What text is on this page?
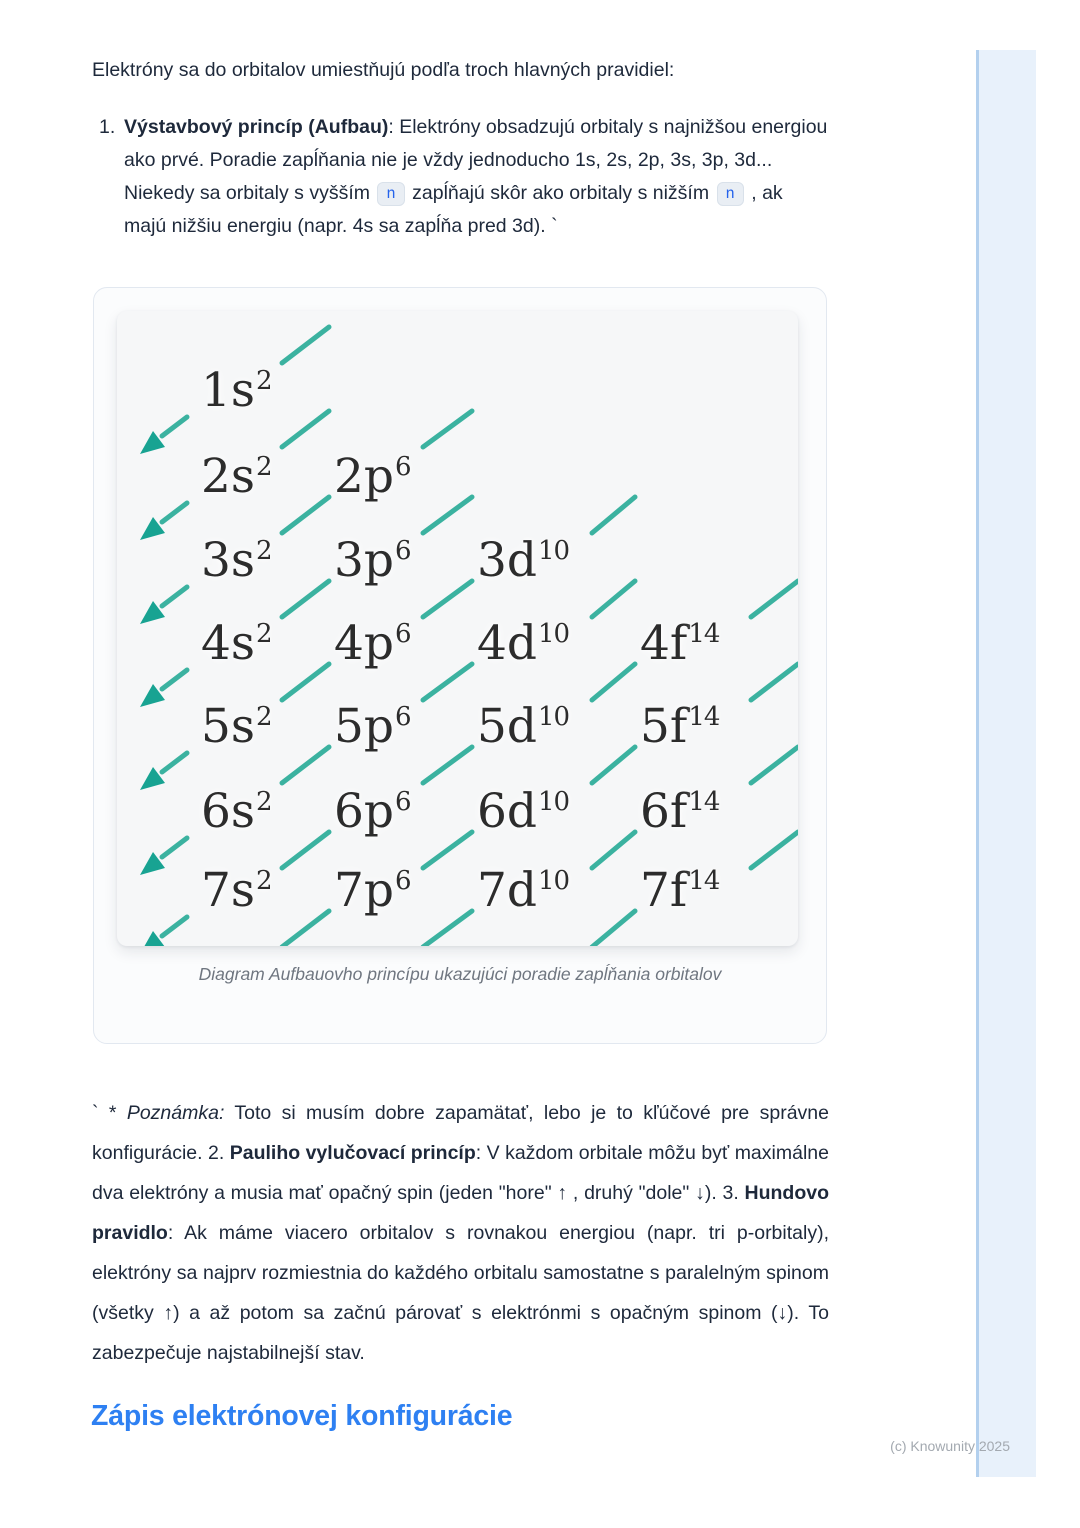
Elektróny sa do orbitalov umiestňujú podľa troch hlavných pravidiel:

1. Výstavbový princíp (Aufbau): Elektróny obsadzujú orbitaly s najnižšou energiou ako prvé. Poradie zapĺňania nie je vždy jednoducho 1s, 2s, 2p, 3s, 3p, 3d... Niekedy sa orbitaly s vyšším n zapĺňajú skôr ako orbitaly s nižším n , ak majú nižšiu energiu (napr. 4s sa zapĺňa pred 3d). `
$1s^2$
$2s^2$ $2p^6$
$3s^2$ $3p^6$ $3d^{10}$
$4s^2$ $4p^6$ $4d^{10}$ $4f^{14}$
$5s^2$ $5p^6$ $5d^{10}$ $5f^{14}$
$6s^2$ $6p^6$ $6d^{10}$ $6f^{14}$
$7s^2$ $7p^6$ $7d^{10}$ $7f^{14}$
Diagram Aufbauovho princípu ukazujúci poradie zapĺňania orbitalov

` * Poznámka: Toto si musím dobre zapamätať, lebo je to kľúčové pre správne konfigurácie. 2. Pauliho vylučovací princíp: V každom orbitale môžu byť maximálne dva elektróny a musia mať opačný spin (jeden "hore" ↑ , druhý "dole" ↓). 3. Hundovo pravidlo: Ak máme viacero orbitalov s rovnakou energiou (napr. tri p-orbitaly), elektróny sa najprv rozmiestnia do každého orbitalu samostatne s paralelným spinom (všetky ↑) a až potom sa začnú párovať s elektrónmi s opačným spinom (↓). To zabezpečuje najstabilnejší stav.

Zápis elektrónovej konfigurácie
(c) Knowunity 2025
